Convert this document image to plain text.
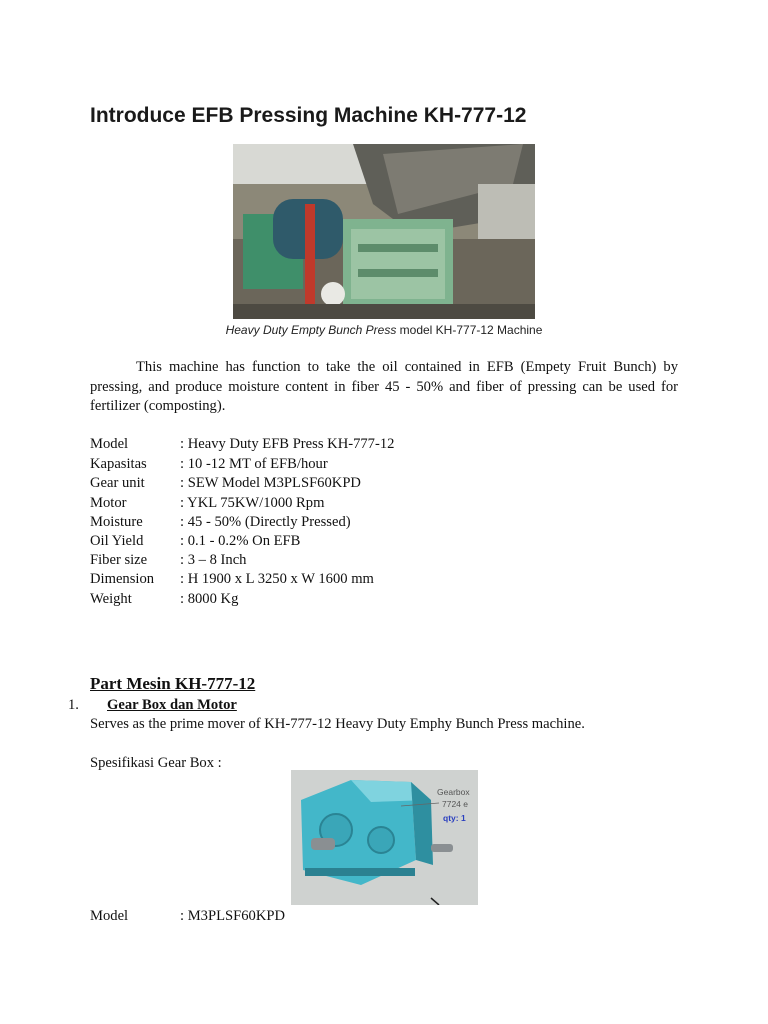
Introduce EFB Pressing Machine KH-777-12
Heavy Duty Empty Bunch Press model KH-777-12 Machine

This machine has function to take the oil contained in EFB (Empety Fruit Bunch) by pressing, and produce moisture content in fiber 45 - 50% and fiber of pressing can be used for fertilizer (composting).

Model	: Heavy Duty EFB Press KH-777-12
Kapasitas : 10 -12 MT of EFB/hour
Gear unit : SEW Model M3PLSF60KPD
Motor	: YKL 75KW/1000 Rpm
Moisture	: 45 - 50% (Directly Pressed)
Oil Yield	: 0.1 - 0.2% On EFB
Fiber size : 3 – 8 Inch
Dimension : H 1900 x L 3250 x W 1600 mm
Weight	: 8000 Kg
Part Mesin KH-777-12
1. Gear Box dan Motor
Serves as the prime mover of KH-777-12 Heavy Duty Emphy Bunch Press machine.
Spesifikasi Gear Box :
Gearbox
7724 e
qty: 1
Model	: M3PLSF60KPD
